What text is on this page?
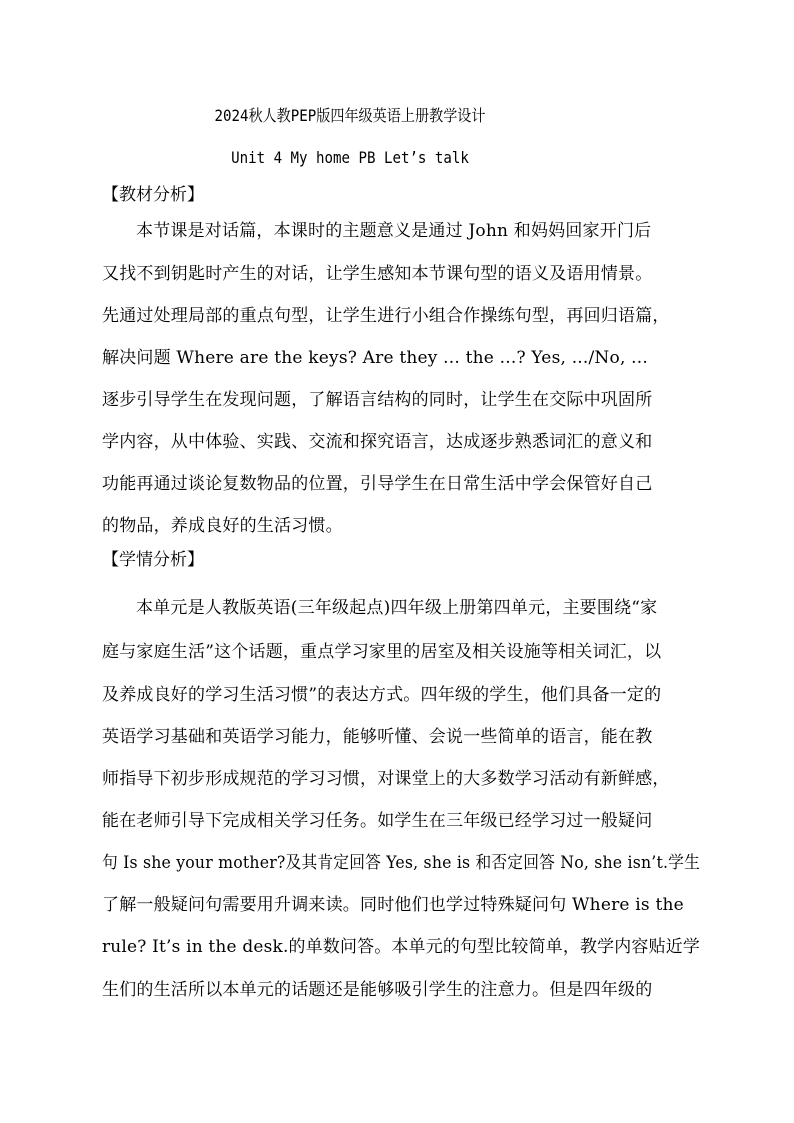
2024秋人教PEP版四年级英语上册教学设计
Unit 4 My home PB Let’s talk
【教材分析】
本节课是对话篇，本课时的主题意义是通过 John 和妈妈回家开门后
又找不到钥匙时产生的对话，让学生感知本节课句型的语义及语用情景。
先通过处理局部的重点句型，让学生进行小组合作操练句型，再回归语篇，
解决问题 Where are the keys? Are they ... the ...? Yes, .../No, ...
逐步引导学生在发现问题，了解语言结构的同时，让学生在交际中巩固所
学内容，从中体验、实践、交流和探究语言，达成逐步熟悉词汇的意义和
功能再通过谈论复数物品的位置，引导学生在日常生活中学会保管好自己
的物品，养成良好的生活习惯。
【学情分析】
本单元是人教版英语(三年级起点)四年级上册第四单元，主要围绕“家
庭与家庭生活”这个话题，重点学习家里的居室及相关设施等相关词汇，以
及养成良好的学习生活习惯”的表达方式。四年级的学生，他们具备一定的
英语学习基础和英语学习能力，能够听懂、会说一些简单的语言，能在教
师指导下初步形成规范的学习习惯，对课堂上的大多数学习活动有新鲜感，
能在老师引导下完成相关学习任务。如学生在三年级已经学习过一般疑问
句 Is she your mother?及其肯定回答 Yes, she is 和否定回答 No, she isn’t.学生
了解一般疑问句需要用升调来读。同时他们也学过特殊疑问句 Where is the
rule? It’s in the desk.的单数问答。本单元的句型比较简单，教学内容贴近学
生们的生活所以本单元的话题还是能够吸引学生的注意力。但是四年级的
